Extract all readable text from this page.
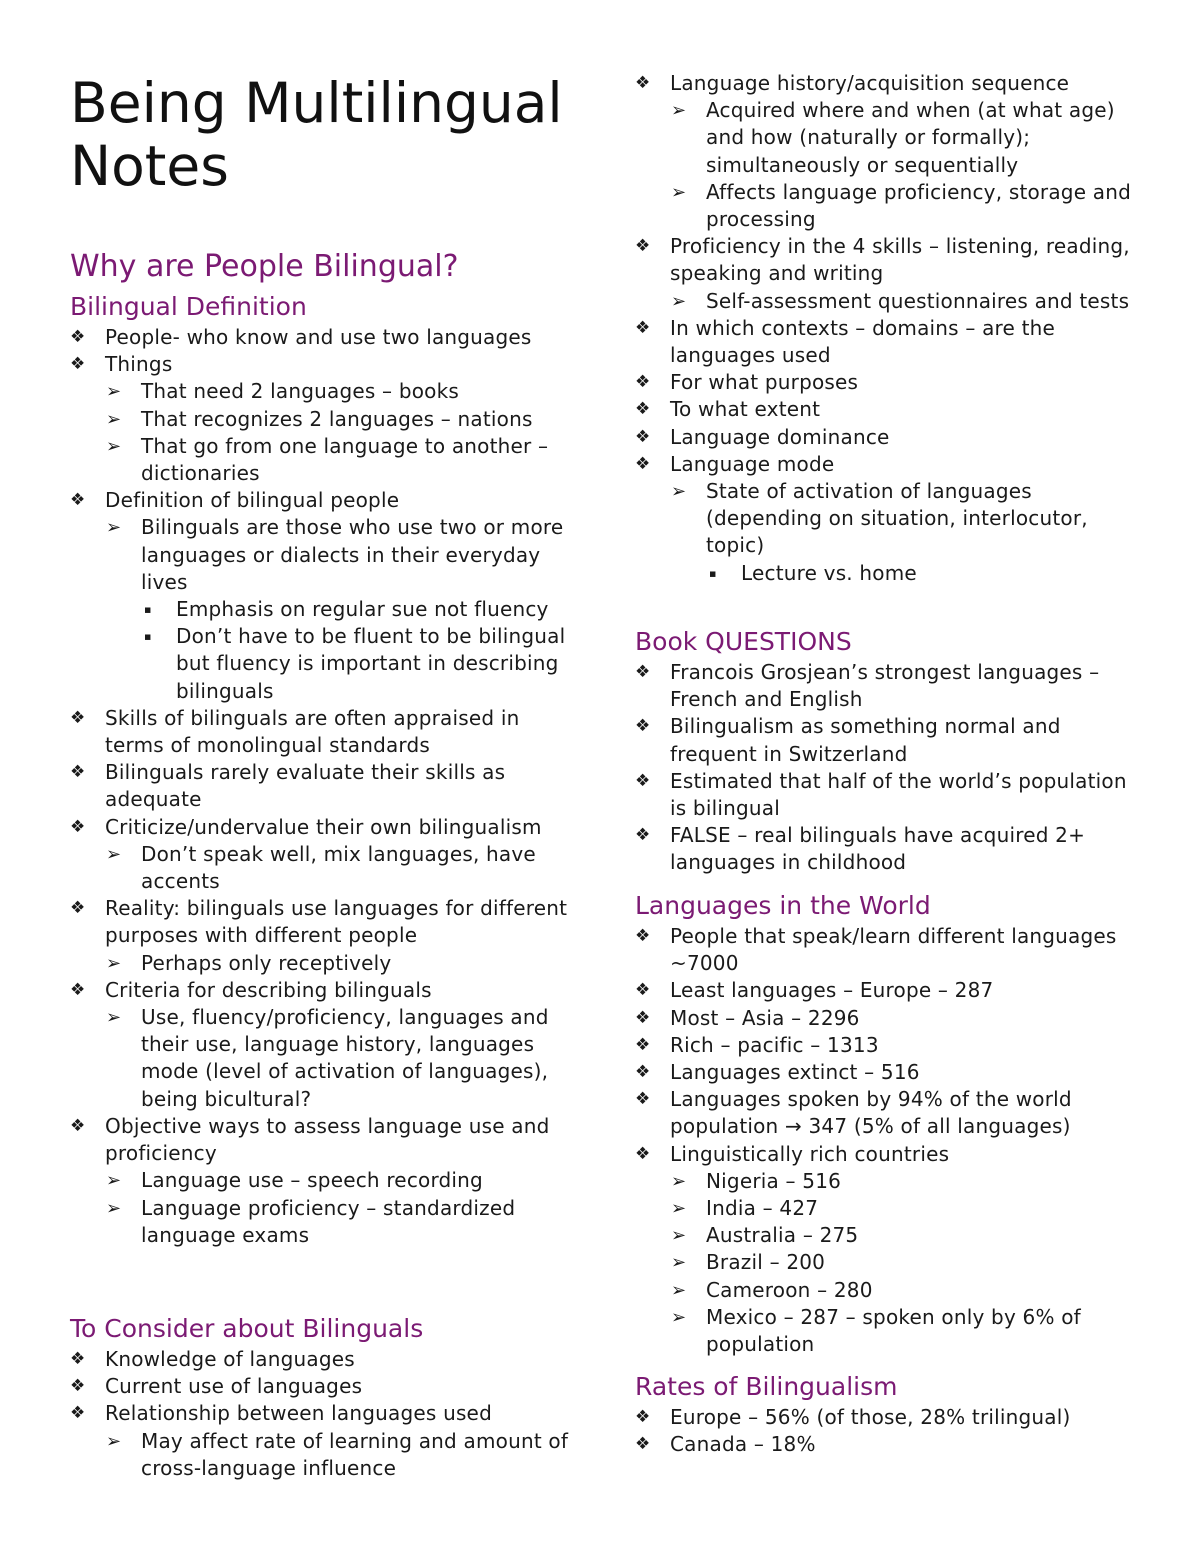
Being Multilingual
Notes
Why are People Bilingual?
Bilingual Definition
❖ People- who know and use two languages
❖ Things
➢ That need 2 languages – books
➢ That recognizes 2 languages – nations
➢ That go from one language to another – dictionaries
❖ Definition of bilingual people
➢ Bilinguals are those who use two or more languages or dialects in their everyday lives
▪	Emphasis on regular sue not fluency
▪	Don’t have to be fluent to be bilingual but fluency is important in describing bilinguals
❖ Skills of bilinguals are often appraised in terms of monolingual standards
❖ Bilinguals rarely evaluate their skills as adequate
❖ Criticize/undervalue their own bilingualism
➢ Don’t speak well, mix languages, have accents
❖ Reality: bilinguals use languages for different purposes with different people
➢ Perhaps only receptively
❖ Criteria for describing bilinguals
➢ Use, fluency/proficiency, languages and their use, language history, languages mode (level of activation of languages), being bicultural?
❖ Objective ways to assess language use and proficiency
➢ Language use – speech recording
➢ Language proficiency – standardized language exams
To Consider about Bilinguals
❖ Knowledge of languages
❖ Current use of languages
❖ Relationship between languages used
➢ May affect rate of learning and amount of cross-language influence
❖ Language history/acquisition sequence
➢ Acquired where and when (at what age) and how (naturally or formally); simultaneously or sequentially
➢ Affects language proficiency, storage and processing
❖ Proficiency in the 4 skills – listening, reading, speaking and writing
➢ Self-assessment questionnaires and tests
❖ In which contexts – domains – are the languages used
❖ For what purposes
❖ To what extent
❖ Language dominance
❖ Language mode
➢ State of activation of languages (depending on situation, interlocutor, topic)
▪	Lecture vs. home
Book QUESTIONS
❖ Francois Grosjean’s strongest languages – French and English
❖ Bilingualism as something normal and frequent in Switzerland
❖ Estimated that half of the world’s population is bilingual
❖ FALSE – real bilinguals have acquired 2+ languages in childhood
Languages in the World
❖ People that speak/learn different languages ~7000
❖ Least languages – Europe – 287
❖ Most – Asia – 2296
❖ Rich – pacific – 1313
❖ Languages extinct – 516
❖ Languages spoken by 94% of the world population → 347 (5% of all languages)
❖ Linguistically rich countries
➢ Nigeria – 516
➢ India – 427
➢ Australia – 275
➢ Brazil – 200
➢ Cameroon – 280
➢ Mexico – 287 – spoken only by 6% of population
Rates of Bilingualism
❖ Europe – 56% (of those, 28% trilingual)
❖ Canada – 18%
